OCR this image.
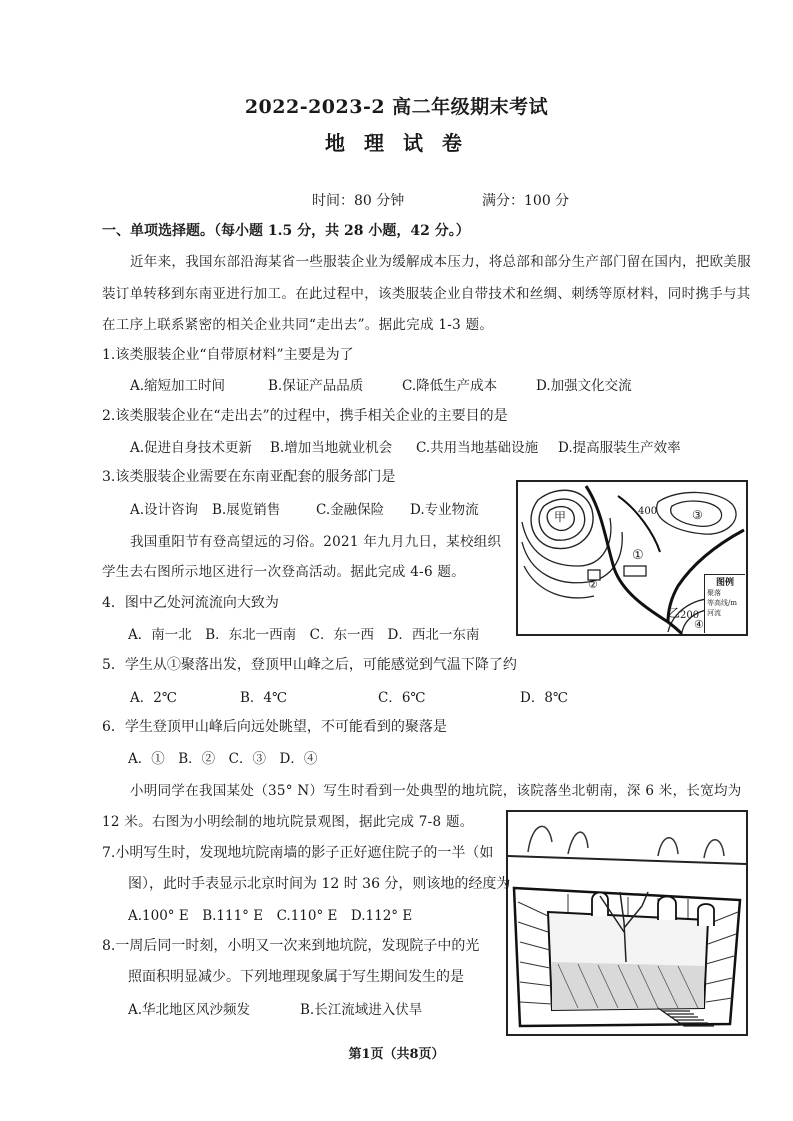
2022-2023-2 高二年级期末考试
地 理 试 卷
时间：80 分钟	满分：100 分
一、单项选择题。（每小题 1.5 分，共 28 小题，42 分。）
近年来，我国东部沿海某省一些服装企业为缓解成本压力，将总部和部分生产部门留在国内，把欧美服
装订单转移到东南亚进行加工。在此过程中，该类服装企业自带技术和丝绸、刺绣等原材料，同时携手与其
在工序上联系紧密的相关企业共同“走出去”。据此完成 1-3 题。
1.该类服装企业“自带原材料”主要是为了
A.缩短加工时间	B.保证产品品质	C.降低生产成本	D.加强文化交流
2.该类服装企业在“走出去”的过程中，携手相关企业的主要目的是
A.促进自身技术更新 B.增加当地就业机会 C.共用当地基础设施 D.提高服装生产效率
3.该类服装企业需要在东南亚配套的服务部门是
A.设计咨询 B.展览销售	C.金融保险 D.专业物流
我国重阳节有登高望远的习俗。2021 年九月九日，某校组织
学生去右图所示地区进行一次登高活动。据此完成 4-6 题。
甲
乙
400
200
①
②
③
④
图例
聚落
等高线/m
河流
4．图中乙处河流流向大致为
A．南一北　B．东北一西南　C．东一西　D．西北一东南
5．学生从①聚落出发，登顶甲山峰之后，可能感觉到气温下降了约
A．2℃	B．4℃	C．6℃	D．8℃
6．学生登顶甲山峰后向远处眺望，不可能看到的聚落是
A．①　B．②　C．③　D．④
小明同学在我国某处（35° N）写生时看到一处典型的地坑院，该院落坐北朝南，深 6 米，长宽均为
12 米。右图为小明绘制的地坑院景观图，据此完成 7-8 题。
7.小明写生时，发现地坑院南墙的影子正好遮住院子的一半（如
图），此时手表显示北京时间为 12 时 36 分，则该地的经度为
A.100° E　B.111° E　C.110° E　D.112° E
8.一周后同一时刻，小明又一次来到地坑院，发现院子中的光
照面积明显减少。下列地理现象属于写生期间发生的是
A.华北地区风沙频发	B.长江流域进入伏旱
第1页（共8页）
